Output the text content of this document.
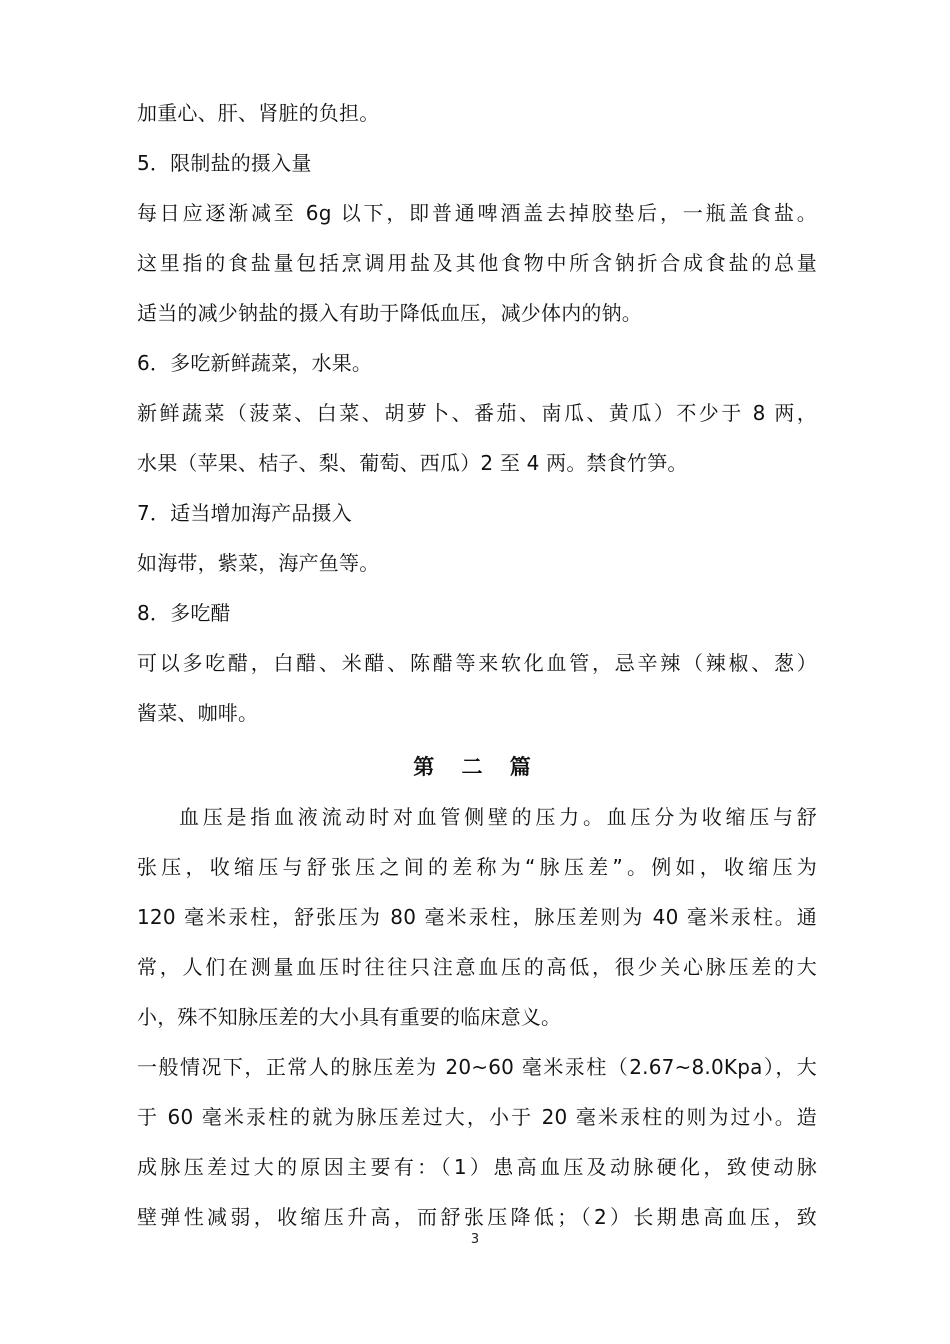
加重心、肝、肾脏的负担。
5．限制盐的摄入量
每日应逐渐减至 6g 以下，即普通啤酒盖去掉胶垫后，一瓶盖食盐。
这里指的食盐量包括烹调用盐及其他食物中所含钠折合成食盐的总量
适当的减少钠盐的摄入有助于降低血压，减少体内的钠。
6．多吃新鲜蔬菜，水果。
新鲜蔬菜（菠菜、白菜、胡萝卜、番茄、南瓜、黄瓜）不少于 8 两，
水果（苹果、桔子、梨、葡萄、西瓜）2 至 4 两。禁食竹笋。
7．适当增加海产品摄入
如海带，紫菜，海产鱼等。
8．多吃醋
可以多吃醋，白醋、米醋、陈醋等来软化血管，忌辛辣（辣椒、葱）
酱菜、咖啡。
第 二 篇
血压是指血液流动时对血管侧壁的压力。血压分为收缩压与舒
张压，收缩压与舒张压之间的差称为“脉压差”。例如，收缩压为
120 毫米汞柱，舒张压为 80 毫米汞柱，脉压差则为 40 毫米汞柱。通
常，人们在测量血压时往往只注意血压的高低，很少关心脉压差的大
小，殊不知脉压差的大小具有重要的临床意义。
一般情况下，正常人的脉压差为 20~60 毫米汞柱（2.67~8.0Kpa），大
于 60 毫米汞柱的就为脉压差过大，小于 20 毫米汞柱的则为过小。造
成脉压差过大的原因主要有：（1）患高血压及动脉硬化，致使动脉
壁弹性减弱，收缩压升高，而舒张压降低；（2）长期患高血压，致
3
